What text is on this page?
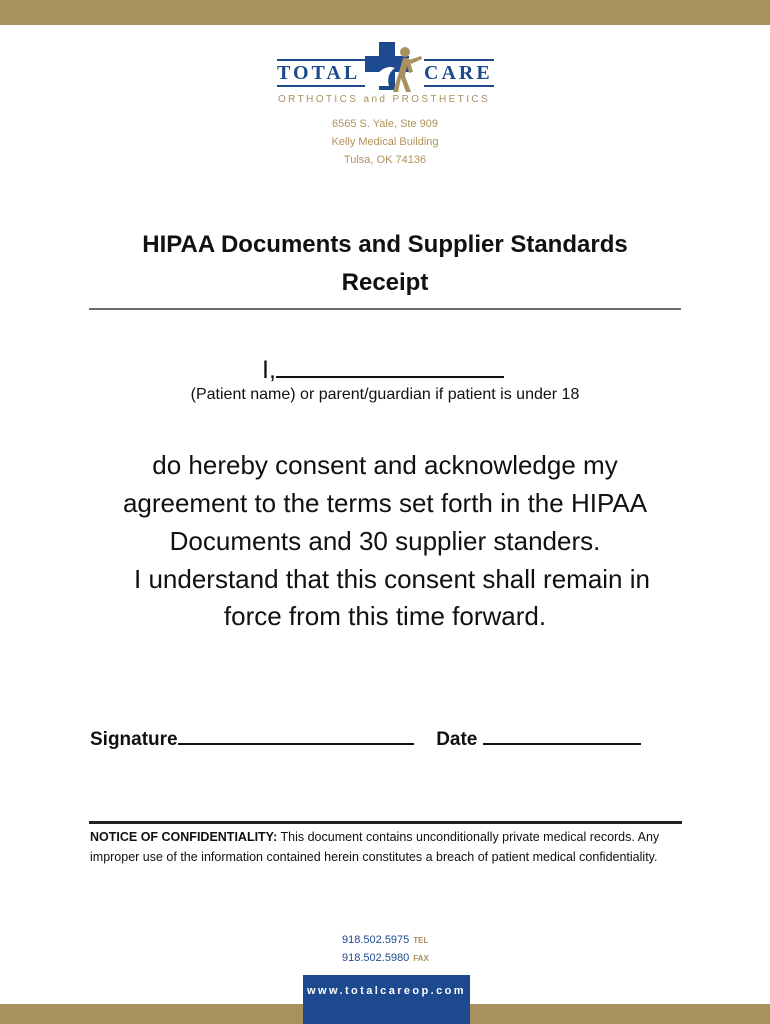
TOTAL	CARE
ORTHOTICS and PROSTHETICS
6565 S. Yale, Ste 909
Kelly Medical Building
Tulsa, OK 74136
HIPAA Documents and Supplier Standards
Receipt
I,
(Patient name) or parent/guardian if patient is under 18
do hereby consent and acknowledge my
agreement to the terms set forth in the HIPAA
Documents and 30 supplier standers.
I understand that this consent shall remain in
force from this time forward.
Signature	Date
NOTICE OF CONFIDENTIALITY: This document contains unconditionally private medical records. Any improper use of the information contained herein constitutes a breach of patient medical confidentiality.
918.502.5975 TEL
918.502.5980 FAX
www.totalcareop.com
